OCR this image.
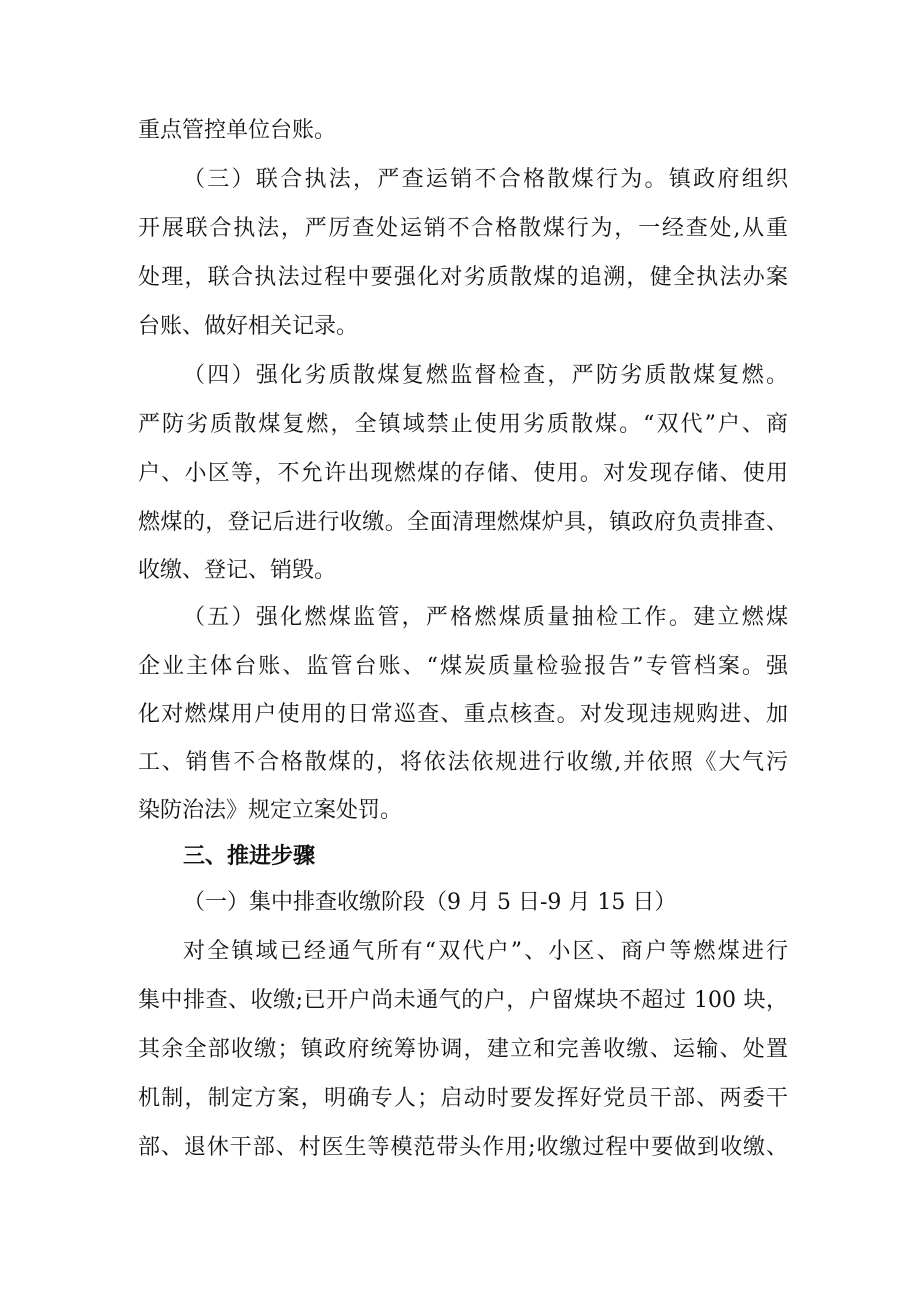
重点管控单位台账。
（三）联合执法，严查运销不合格散煤行为。镇政府组织
开展联合执法，严厉查处运销不合格散煤行为，一经查处,从重
处理，联合执法过程中要强化对劣质散煤的追溯，健全执法办案
台账、做好相关记录。
（四）强化劣质散煤复燃监督检查，严防劣质散煤复燃。
严防劣质散煤复燃，全镇域禁止使用劣质散煤。“双代”户、商
户、小区等，不允许出现燃煤的存储、使用。对发现存储、使用
燃煤的，登记后进行收缴。全面清理燃煤炉具，镇政府负责排查、
收缴、登记、销毁。
（五）强化燃煤监管，严格燃煤质量抽检工作。建立燃煤
企业主体台账、监管台账、“煤炭质量检验报告”专管档案。强
化对燃煤用户使用的日常巡查、重点核查。对发现违规购进、加
工、销售不合格散煤的，将依法依规进行收缴,并依照《大气污
染防治法》规定立案处罚。
三、推进步骤
（一）集中排查收缴阶段（9 月 5 日-9 月 15 日）
对全镇域已经通气所有“双代户”、小区、商户等燃煤进行
集中排查、收缴;已开户尚未通气的户，户留煤块不超过 100 块，
其余全部收缴；镇政府统筹协调，建立和完善收缴、运输、处置
机制，制定方案，明确专人；启动时要发挥好党员干部、两委干
部、退休干部、村医生等模范带头作用;收缴过程中要做到收缴、
